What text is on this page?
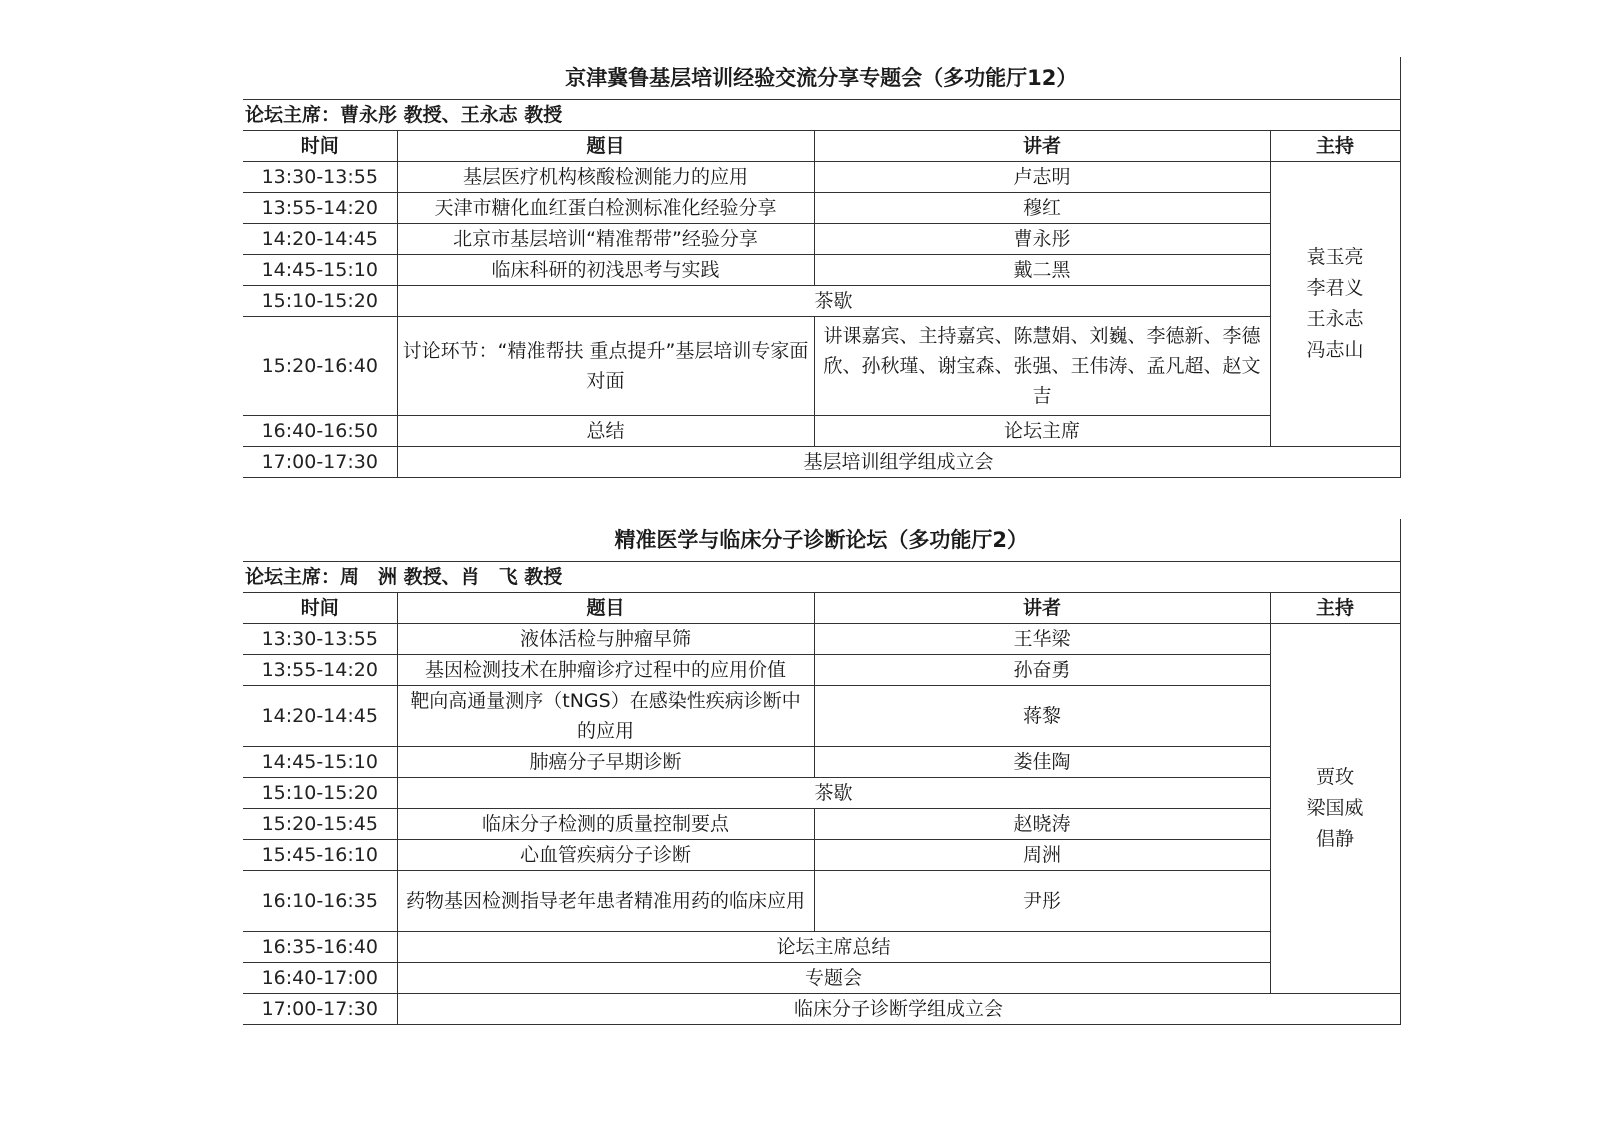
京津冀鲁基层培训经验交流分享专题会（多功能厅12）			
论坛主席：曹永彤 教授、王永志 教授			
时间	题目	讲者	主持
13:30-13:55	基层医疗机构核酸检测能力的应用	卢志明	袁玉亮
李君义
王永志
冯志山

13:55-14:20	天津市糖化血红蛋白检测标准化经验分享	穆红	
14:20-14:45	北京市基层培训“精准帮带”经验分享	曹永彤	
14:45-15:10	临床科研的初浅思考与实践	戴二黑	
15:10-15:20	茶歇		
15:20-16:40	讨论环节：“精准帮扶 重点提升”基层培训专家面对面	讲课嘉宾、主持嘉宾、陈慧娟、刘巍、李德新、李德欣、孙秋瑾、谢宝森、张强、王伟涛、孟凡超、赵文吉	
16:40-16:50	总结	论坛主席	
17:00-17:30	基层培训组学组成立会		
精准医学与临床分子诊断论坛（多功能厅2）			
论坛主席：周　洲 教授、肖　飞 教授			
时间	题目	讲者	主持
13:30-13:55	液体活检与肿瘤早筛	王华梁	贾玫
梁国威
倡静

13:55-14:20	基因检测技术在肿瘤诊疗过程中的应用价值	孙奋勇	
14:20-14:45	靶向高通量测序（tNGS）在感染性疾病诊断中的应用	蒋黎	
14:45-15:10	肺癌分子早期诊断	娄佳陶	
15:10-15:20	茶歇		
15:20-15:45	临床分子检测的质量控制要点	赵晓涛	
15:45-16:10	心血管疾病分子诊断	周洲	
16:10-16:35	药物基因检测指导老年患者精准用药的临床应用	尹彤	
16:35-16:40	论坛主席总结		
16:40-17:00	专题会		
17:00-17:30	临床分子诊断学组成立会		
